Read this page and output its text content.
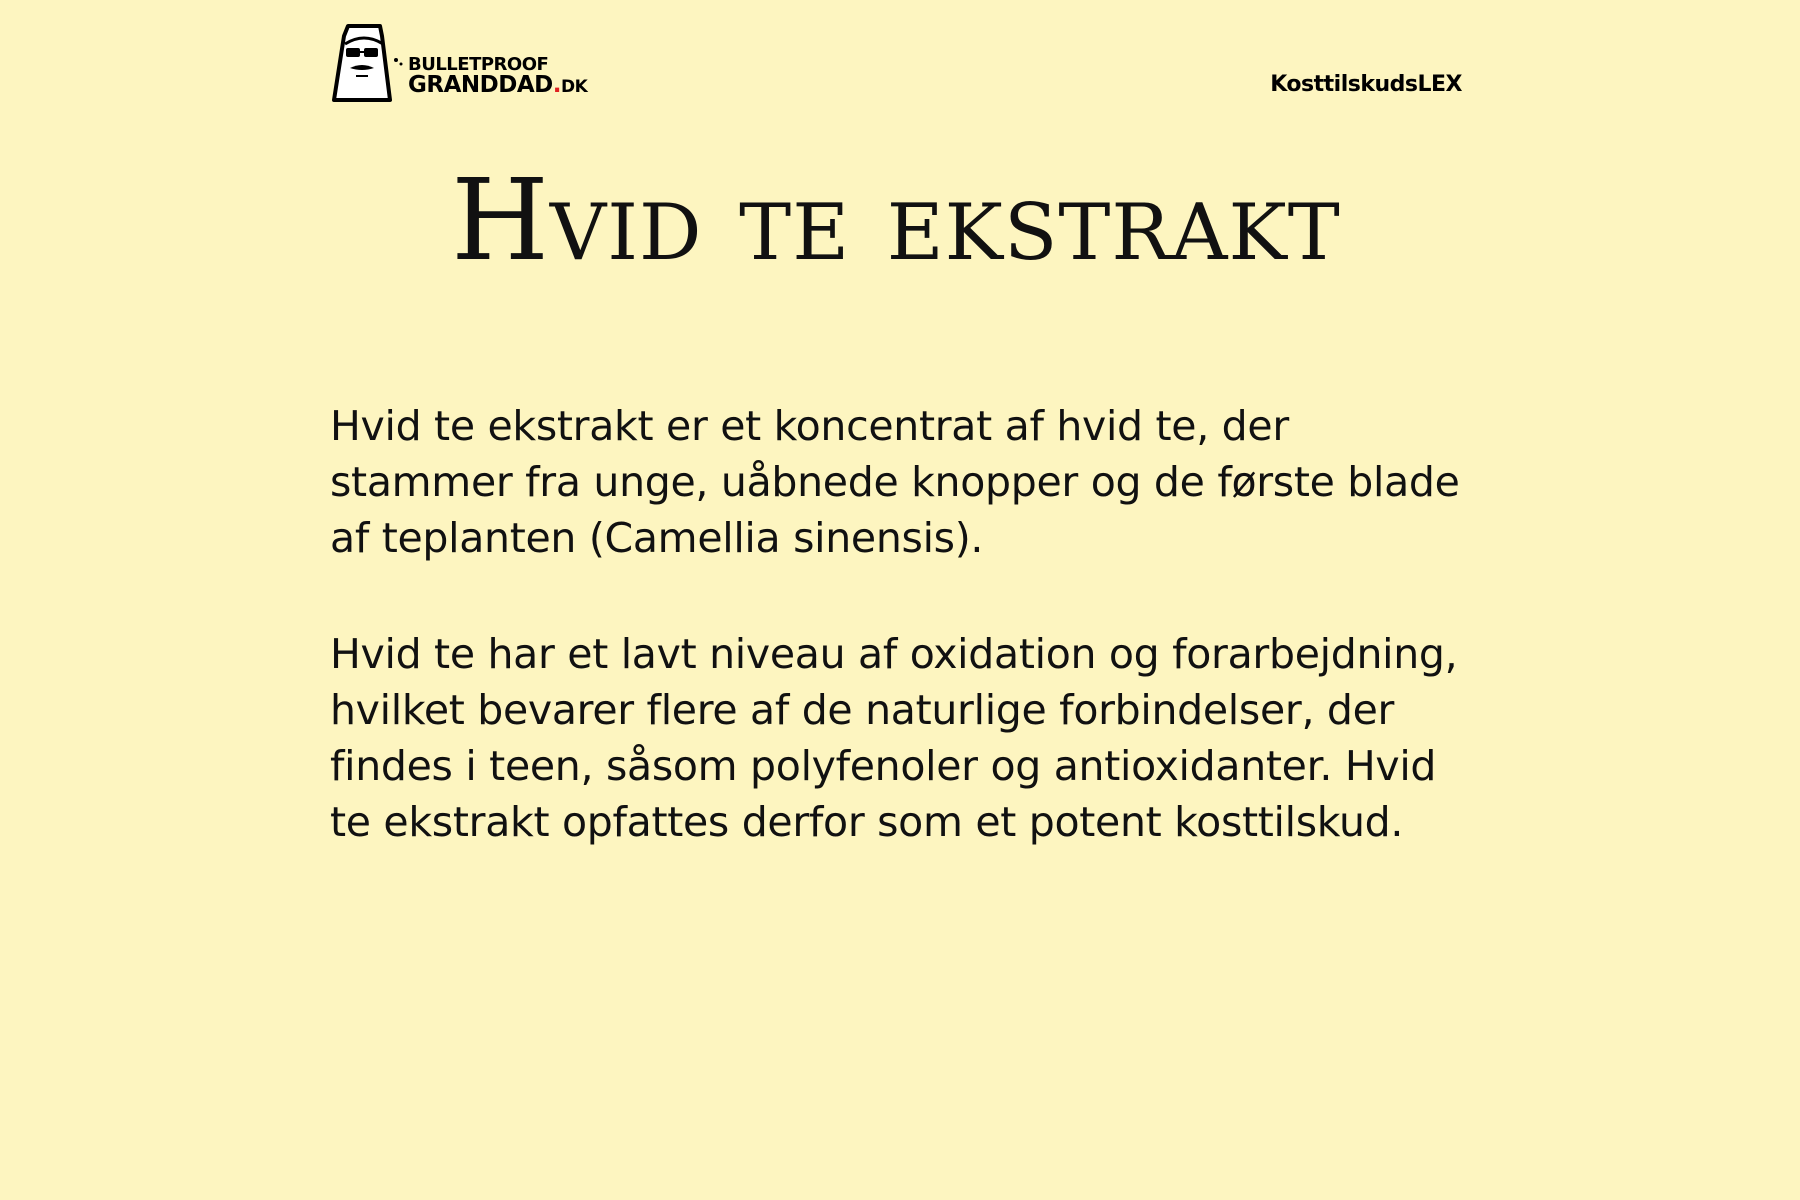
BULLETPROOF
GRANDDAD.DK	KosttilskudsLEX
Hvid te ekstrakt

Hvid te ekstrakt er et koncentrat af hvid te, der stammer fra unge, uåbnede knopper og de første blade af teplanten (Camellia sinensis).

Hvid te har et lavt niveau af oxidation og forarbejdning, hvilket bevarer flere af de naturlige forbindelser, der findes i teen, såsom polyfenoler og antioxidanter. Hvid te ekstrakt opfattes derfor som et potent kosttilskud.
